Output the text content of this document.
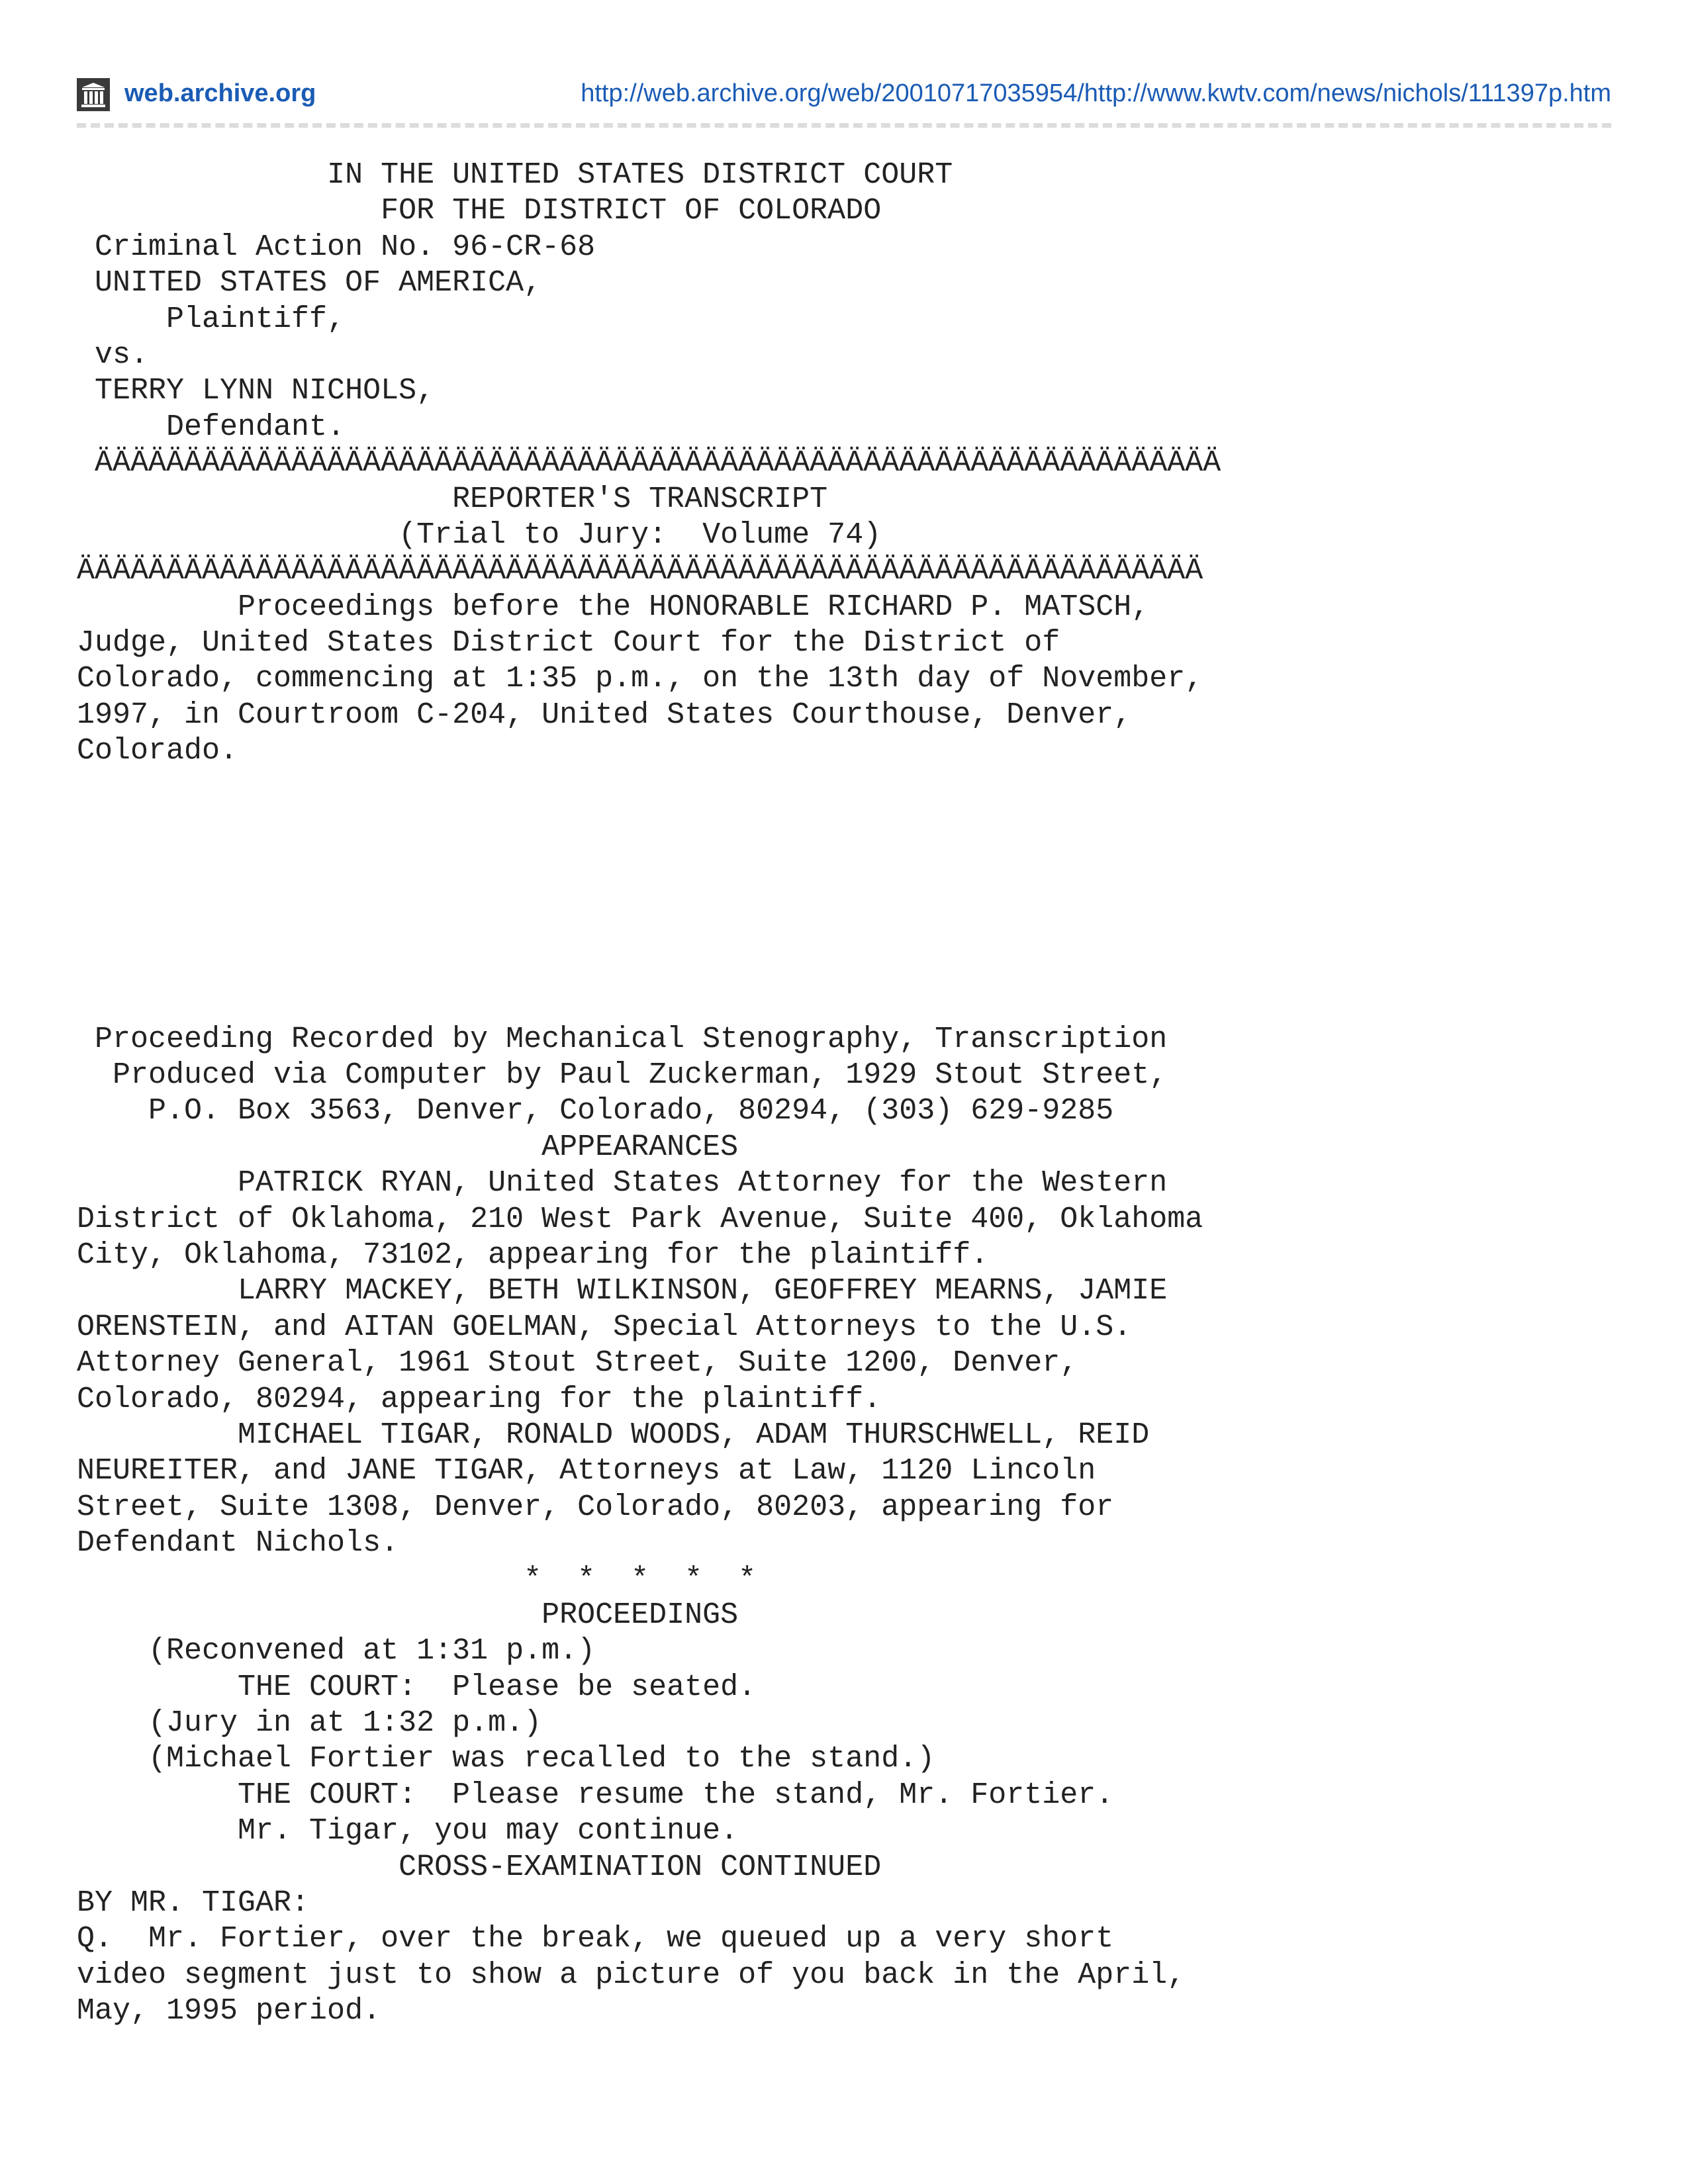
web.archive.org	http://web.archive.org/web/20010717035954/http://www.kwtv.com/news/nichols/111397p.htm
IN THE UNITED STATES DISTRICT COURT
FOR THE DISTRICT OF COLORADO
Criminal Action No. 96-CR-68
UNITED STATES OF AMERICA,
Plaintiff,
vs.
TERRY LYNN NICHOLS,
Defendant.
ÄÄÄÄÄÄÄÄÄÄÄÄÄÄÄÄÄÄÄÄÄÄÄÄÄÄÄÄÄÄÄÄÄÄÄÄÄÄÄÄÄÄÄÄÄÄÄÄÄÄÄÄÄÄÄÄÄÄÄÄÄÄÄ
REPORTER'S TRANSCRIPT
(Trial to Jury:  Volume 74)
ÄÄÄÄÄÄÄÄÄÄÄÄÄÄÄÄÄÄÄÄÄÄÄÄÄÄÄÄÄÄÄÄÄÄÄÄÄÄÄÄÄÄÄÄÄÄÄÄÄÄÄÄÄÄÄÄÄÄÄÄÄÄÄ
Proceedings before the HONORABLE RICHARD P. MATSCH,
Judge, United States District Court for the District of
Colorado, commencing at 1:35 p.m., on the 13th day of November,
1997, in Courtroom C-204, United States Courthouse, Denver,
Colorado.
Proceeding Recorded by Mechanical Stenography, Transcription
Produced via Computer by Paul Zuckerman, 1929 Stout Street,
P.O. Box 3563, Denver, Colorado, 80294, (303) 629-9285
APPEARANCES
PATRICK RYAN, United States Attorney for the Western
District of Oklahoma, 210 West Park Avenue, Suite 400, Oklahoma
City, Oklahoma, 73102, appearing for the plaintiff.
LARRY MACKEY, BETH WILKINSON, GEOFFREY MEARNS, JAMIE
ORENSTEIN, and AITAN GOELMAN, Special Attorneys to the U.S.
Attorney General, 1961 Stout Street, Suite 1200, Denver,
Colorado, 80294, appearing for the plaintiff.
MICHAEL TIGAR, RONALD WOODS, ADAM THURSCHWELL, REID
NEUREITER, and JANE TIGAR, Attorneys at Law, 1120 Lincoln
Street, Suite 1308, Denver, Colorado, 80203, appearing for
Defendant Nichols.
*  *  *  *  *
PROCEEDINGS
(Reconvened at 1:31 p.m.)
THE COURT:  Please be seated.
(Jury in at 1:32 p.m.)
(Michael Fortier was recalled to the stand.)
THE COURT:  Please resume the stand, Mr. Fortier.
Mr. Tigar, you may continue.
CROSS-EXAMINATION CONTINUED
BY MR. TIGAR:
Q.  Mr. Fortier, over the break, we queued up a very short
video segment just to show a picture of you back in the April,
May, 1995 period.
